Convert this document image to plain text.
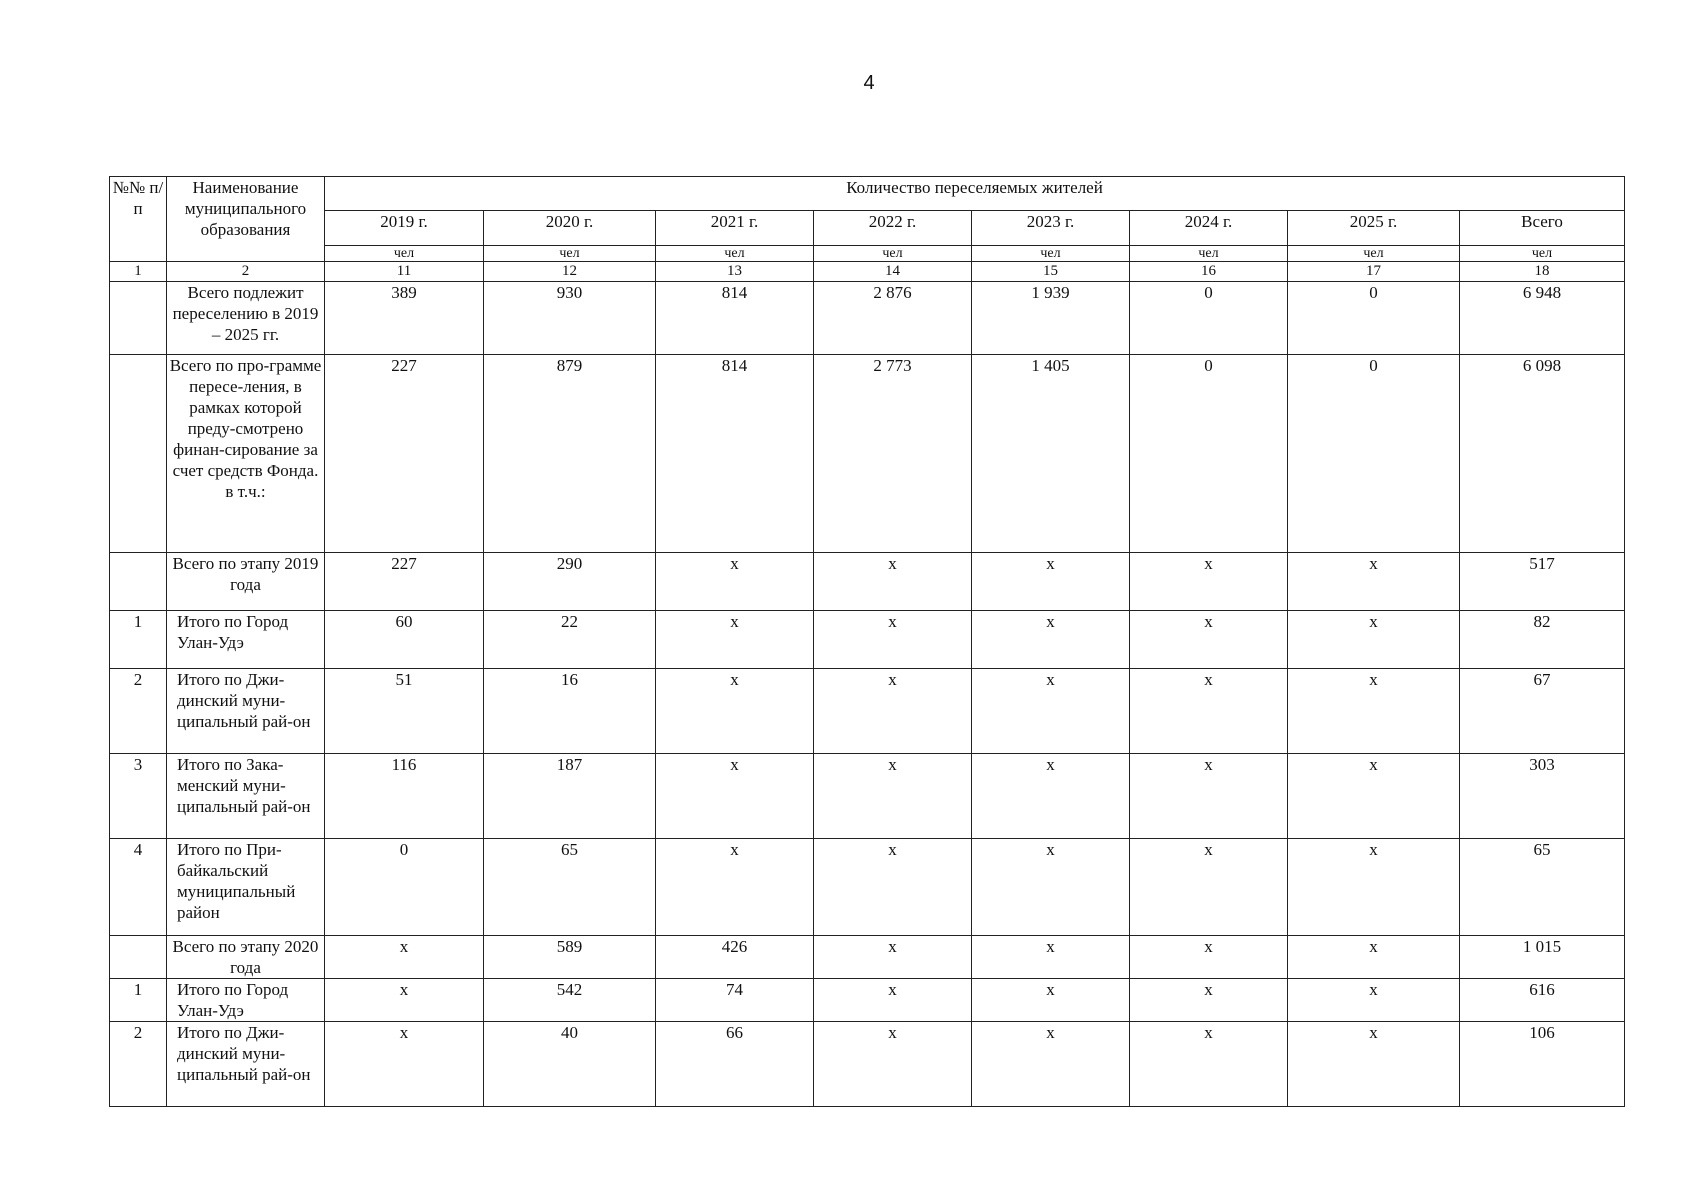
4
№№ п/п	Наименование муниципального образования	Количество переселяемых жителей							
		2019 г.	2020 г.	2021 г.	2022 г.	2023 г.	2024 г.	2025 г.	Всего
		чел	чел	чел	чел	чел	чел	чел	чел
1	2	11	12	13	14	15	16	17	18
	Всего подлежит переселению в 2019 – 2025 гг.	389	930	814	2 876	1 939	0	0	6 948
	Всего по про-грамме пересе-ления, в рамках которой преду-смотрено финан-сирование за счет средств Фонда. в т.ч.:	227	879	814	2 773	1 405	0	0	6 098
	Всего по этапу 2019 года	227	290	х	х	х	х	х	517
1	Итого по Город Улан-Удэ	60	22	х	х	х	х	х	82
2	Итого по Джи-динский муни-ципальный рай-он	51	16	х	х	х	х	х	67
3	Итого по Зака-менский муни-ципальный рай-он	116	187	х	х	х	х	х	303
4	Итого по При-байкальский муниципальный район	0	65	х	х	х	х	х	65
	Всего по этапу 2020 года	х	589	426	х	х	х	х	1 015
1	Итого по Город Улан-Удэ	х	542	74	х	х	х	х	616
2	Итого по Джи-динский муни-ципальный рай-он	х	40	66	х	х	х	х	106
